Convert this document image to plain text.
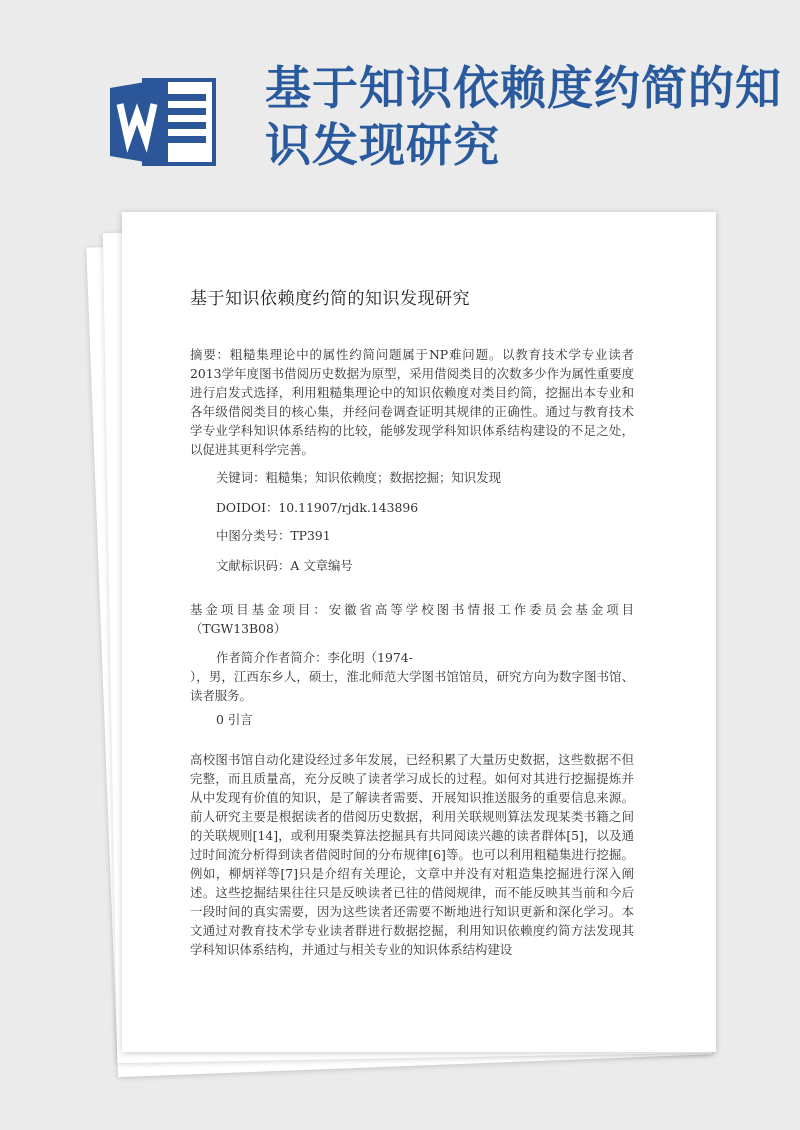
基于知识依赖度约简的知识发现研究
基于知识依赖度约简的知识发现研究

摘要：粗糙集理论中的属性约简问题属于NP难问题。以教育技术学专业读者2013学年度图书借阅历史数据为原型，采用借阅类目的次数多少作为属性重要度进行启发式选择，利用粗糙集理论中的知识依赖度对类目约简，挖掘出本专业和各年级借阅类目的核心集，并经问卷调查证明其规律的正确性。通过与教育技术学专业学科知识体系结构的比较，能够发现学科知识体系结构建设的不足之处，以促进其更科学完善。

关键词：粗糙集；知识依赖度；数据挖掘；知识发现

DOIDOI：10.11907/rjdk.143896

中图分类号：TP391

文献标识码：A 文章编号

基金项目基金项目：安徽省高等学校图书情报工作委员会基金项目（TGW13B08）

作者简介作者简介：李化明（1974-
），男，江西东乡人，硕士，淮北师范大学图书馆馆员，研究方向为数字图书馆、读者服务。

0 引言

高校图书馆自动化建设经过多年发展，已经积累了大量历史数据，这些数据不但完整，而且质量高，充分反映了读者学习成长的过程。如何对其进行挖掘提炼并从中发现有价值的知识，是了解读者需要、开展知识推送服务的重要信息来源。前人研究主要是根据读者的借阅历史数据，利用关联规则算法发现某类书籍之间的关联规则[14]，或利用聚类算法挖掘具有共同阅读兴趣的读者群体[5]，以及通过时间流分析得到读者借阅时间的分布规律[6]等。也可以利用粗糙集进行挖掘。例如，柳炳祥等[7]只是介绍有关理论，文章中并没有对粗造集挖掘进行深入阐述。这些挖掘结果往往只是反映读者已往的借阅规律，而不能反映其当前和今后一段时间的真实需要，因为这些读者还需要不断地进行知识更新和深化学习。本文通过对教育技术学专业读者群进行数据挖掘，利用知识依赖度约简方法发现其学科知识体系结构，并通过与相关专业的知识体系结构建设
